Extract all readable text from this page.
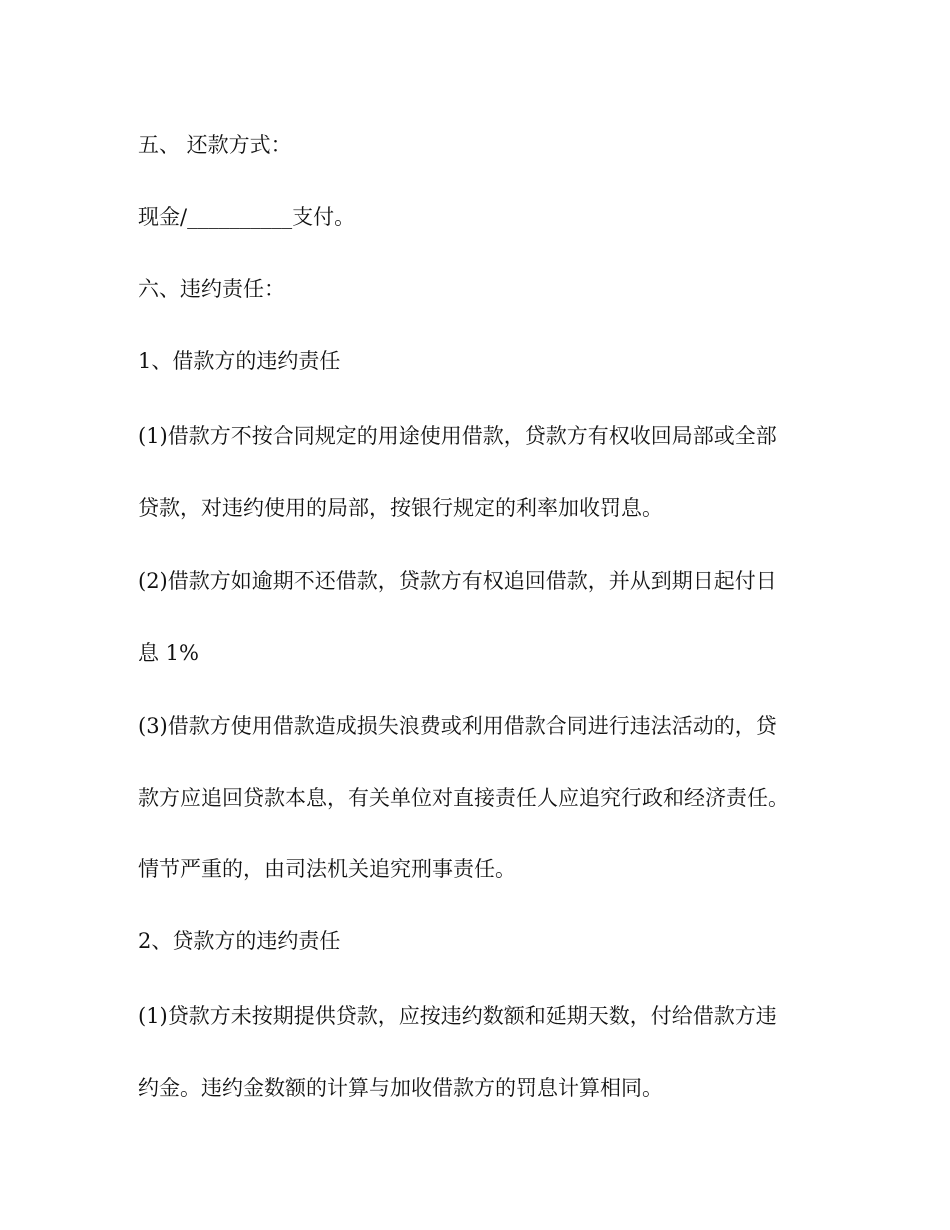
五、 还款方式：
现金/__________支付。
六、违约责任：
1、借款方的违约责任
(1)借款方不按合同规定的用途使用借款，贷款方有权收回局部或全部
贷款，对违约使用的局部，按银行规定的利率加收罚息。
(2)借款方如逾期不还借款，贷款方有权追回借款，并从到期日起付日
息 1%
(3)借款方使用借款造成损失浪费或利用借款合同进行违法活动的，贷
款方应追回贷款本息，有关单位对直接责任人应追究行政和经济责任。
情节严重的，由司法机关追究刑事责任。
2、贷款方的违约责任
(1)贷款方未按期提供贷款，应按违约数额和延期天数，付给借款方违
约金。违约金数额的计算与加收借款方的罚息计算相同。
